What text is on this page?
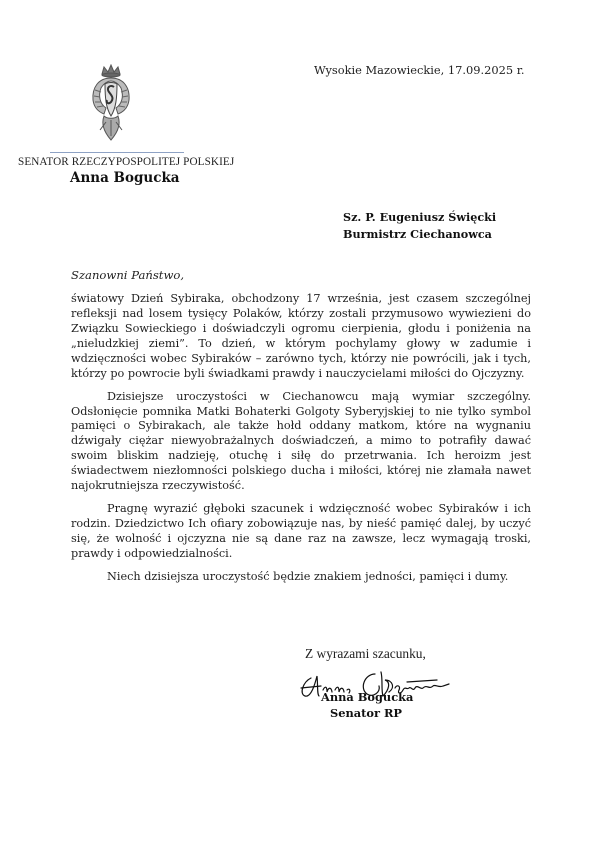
SENATOR RZECZYPOSPOLITEJ POLSKIEJ
Anna Bogucka
Wysokie Mazowieckie, 17.09.2025 r.
Sz. P. Eugeniusz Święcki
Burmistrz Ciechanowca
Szanowni Państwo,

światowy Dzień Sybiraka, obchodzony 17 września, jest czasem szczególnej refleksji nad losem tysięcy Polaków, którzy zostali przymusowo wywiezieni do Związku Sowieckiego i doświadczyli ogromu cierpienia, głodu i poniżenia na „nieludzkiej ziemi”. To dzień, w którym pochylamy głowy w zadumie i wdzięczności wobec Sybiraków – zarówno tych, którzy nie powrócili, jak i tych, którzy po powrocie byli świadkami prawdy i nauczycielami miłości do Ojczyzny.

Dzisiejsze uroczystości w Ciechanowcu mają wymiar szczególny. Odsłonięcie pomnika Matki Bohaterki Golgoty Syberyjskiej to nie tylko symbol pamięci o Sybirakach, ale także hołd oddany matkom, które na wygnaniu dźwigały ciężar niewyobrażalnych doświadczeń, a mimo to potrafiły dawać swoim bliskim nadzieję, otuchę i siłę do przetrwania. Ich heroizm jest świadectwem niezłomności polskiego ducha i miłości, której nie złamała nawet najokrutniejsza rzeczywistość.

Pragnę wyrazić głęboki szacunek i wdzięczność wobec Sybiraków i ich rodzin. Dziedzictwo Ich ofiary zobowiązuje nas, by nieść pamięć dalej, by uczyć się, że wolność i ojczyzna nie są dane raz na zawsze, lecz wymagają troski, prawdy i odpowiedzialności.

Niech dzisiejsza uroczystość będzie znakiem jedności, pamięci i dumy.

Z wyrazami szacunku,
Anna Bogucka
Senator RP
